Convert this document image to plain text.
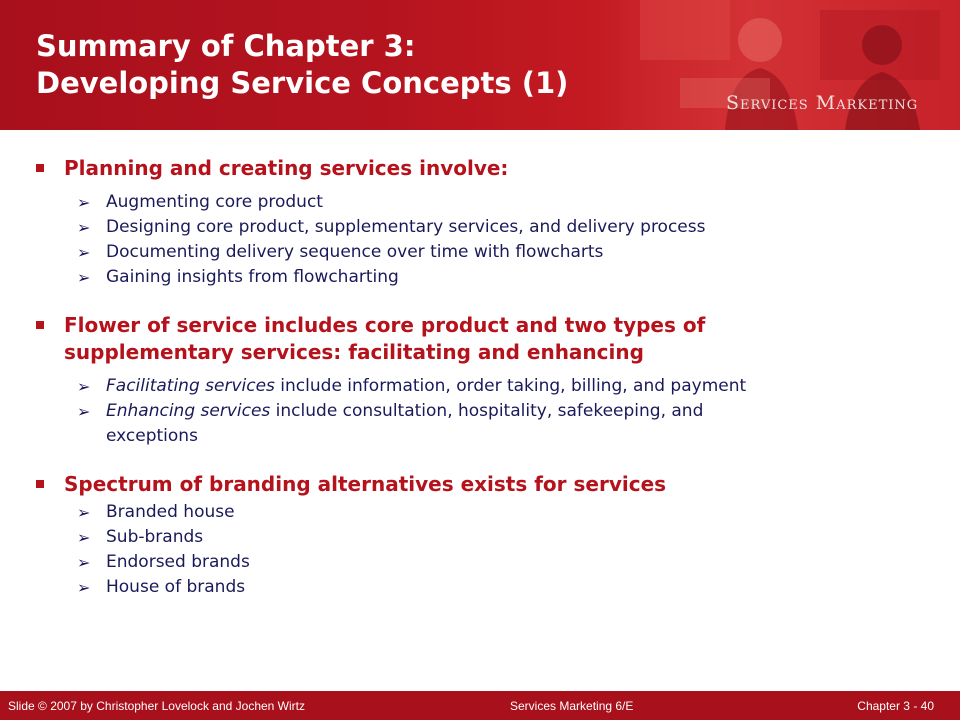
Summary of Chapter 3:
Developing Service Concepts (1)
Services Marketing
Planning and creating services involve:
➢ Augmenting core product
➢ Designing core product, supplementary services, and delivery process
➢ Documenting delivery sequence over time with flowcharts
➢ Gaining insights from flowcharting
Flower of service includes core product and two types of
supplementary services: facilitating and enhancing
➢ Facilitating services include information, order taking, billing, and payment
➢ Enhancing services include consultation, hospitality, safekeeping, and
exceptions
Spectrum of branding alternatives exists for services
➢ Branded house
➢ Sub-brands
➢ Endorsed brands
➢ House of brands
Slide © 2007 by Christopher Lovelock and Jochen Wirtz	Services Marketing 6/E	Chapter 3 - 40
